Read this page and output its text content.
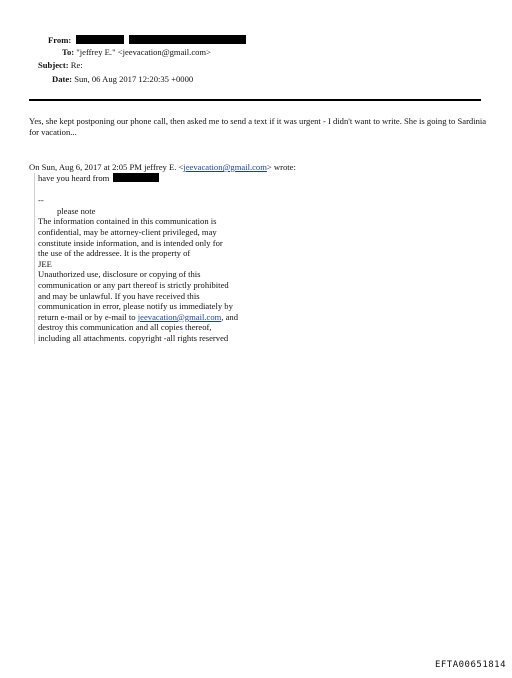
From:
To: "jeffrey E." <jeevacation@gmail.com>
Subject: Re:
Date: Sun, 06 Aug 2017 12:20:35 +0000
Yes, she kept postponing our phone call, then asked me to send a text if it was urgent - I didn't want to write. She is going to Sardinia for vacation...
On Sun, Aug 6, 2017 at 2:05 PM jeffrey E. <jeevacation@gmail.com> wrote:
have you heard from
--
please note
The information contained in this communication is
confidential, may be attorney-client privileged, may
constitute inside information, and is intended only for
the use of the addressee. It is the property of
JEE
Unauthorized use, disclosure or copying of this
communication or any part thereof is strictly prohibited
and may be unlawful. If you have received this
communication in error, please notify us immediately by
return e-mail or by e-mail to jeevacation@gmail.com, and
destroy this communication and all copies thereof,
including all attachments. copyright -all rights reserved
EFTA00651814
